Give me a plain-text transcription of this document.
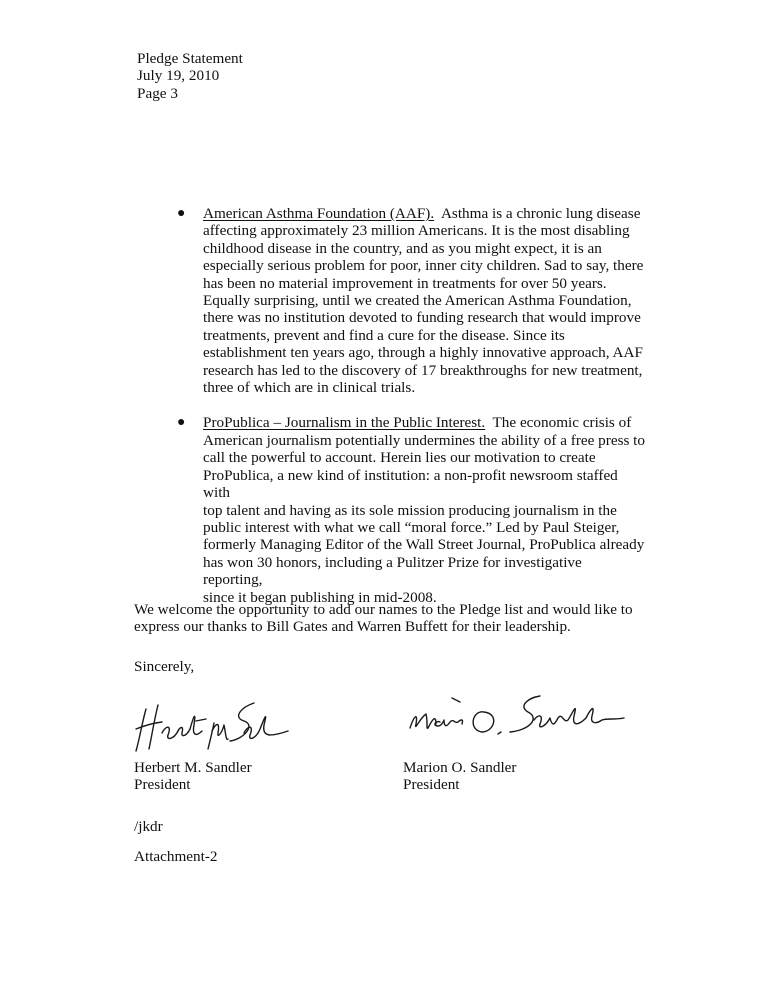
Pledge Statement
July 19, 2010
Page 3
● American Asthma Foundation (AAF). Asthma is a chronic lung disease
affecting approximately 23 million Americans. It is the most disabling
childhood disease in the country, and as you might expect, it is an
especially serious problem for poor, inner city children. Sad to say, there
has been no material improvement in treatments for over 50 years.
Equally surprising, until we created the American Asthma Foundation,
there was no institution devoted to funding research that would improve
treatments, prevent and find a cure for the disease. Since its
establishment ten years ago, through a highly innovative approach, AAF
research has led to the discovery of 17 breakthroughs for new treatment,
three of which are in clinical trials.
● ProPublica – Journalism in the Public Interest. The economic crisis of
American journalism potentially undermines the ability of a free press to
call the powerful to account. Herein lies our motivation to create
ProPublica, a new kind of institution: a non-profit newsroom staffed with
top talent and having as its sole mission producing journalism in the
public interest with what we call “moral force.” Led by Paul Steiger,
formerly Managing Editor of the Wall Street Journal, ProPublica already
has won 30 honors, including a Pulitzer Prize for investigative reporting,
since it began publishing in mid-2008.
We welcome the opportunity to add our names to the Pledge list and would like to
express our thanks to Bill Gates and Warren Buffett for their leadership.
Sincerely,
Herbert M. Sandler
President
Marion O. Sandler
President
/jkdr
Attachment-2
